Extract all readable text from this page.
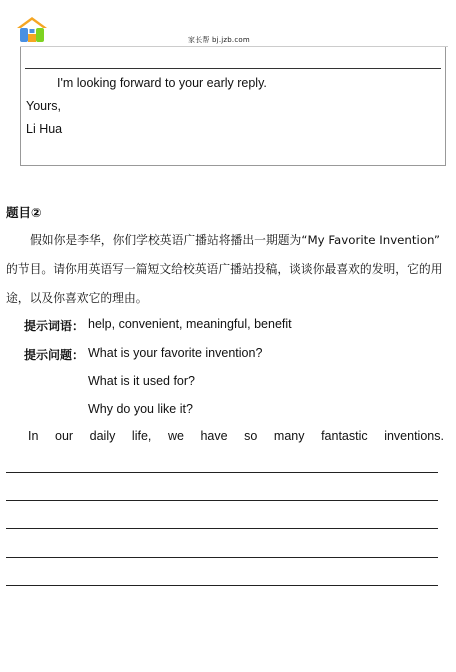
家长帮 bj.jzb.com
I'm looking forward to your early reply.
Yours,
Li Hua
题目②
假如你是李华，你们学校英语广播站将播出一期题为“My Favorite Invention”
的节目。请你用英语写一篇短文给校英语广播站投稿，谈谈你最喜欢的发明，它的用
途，以及你喜欢它的理由。
提示词语： help, convenient, meaningful, benefit
提示问题： What is your favorite invention?
What is it used for?
Why do you like it?
In our daily life, we have so many fantastic inventions.
